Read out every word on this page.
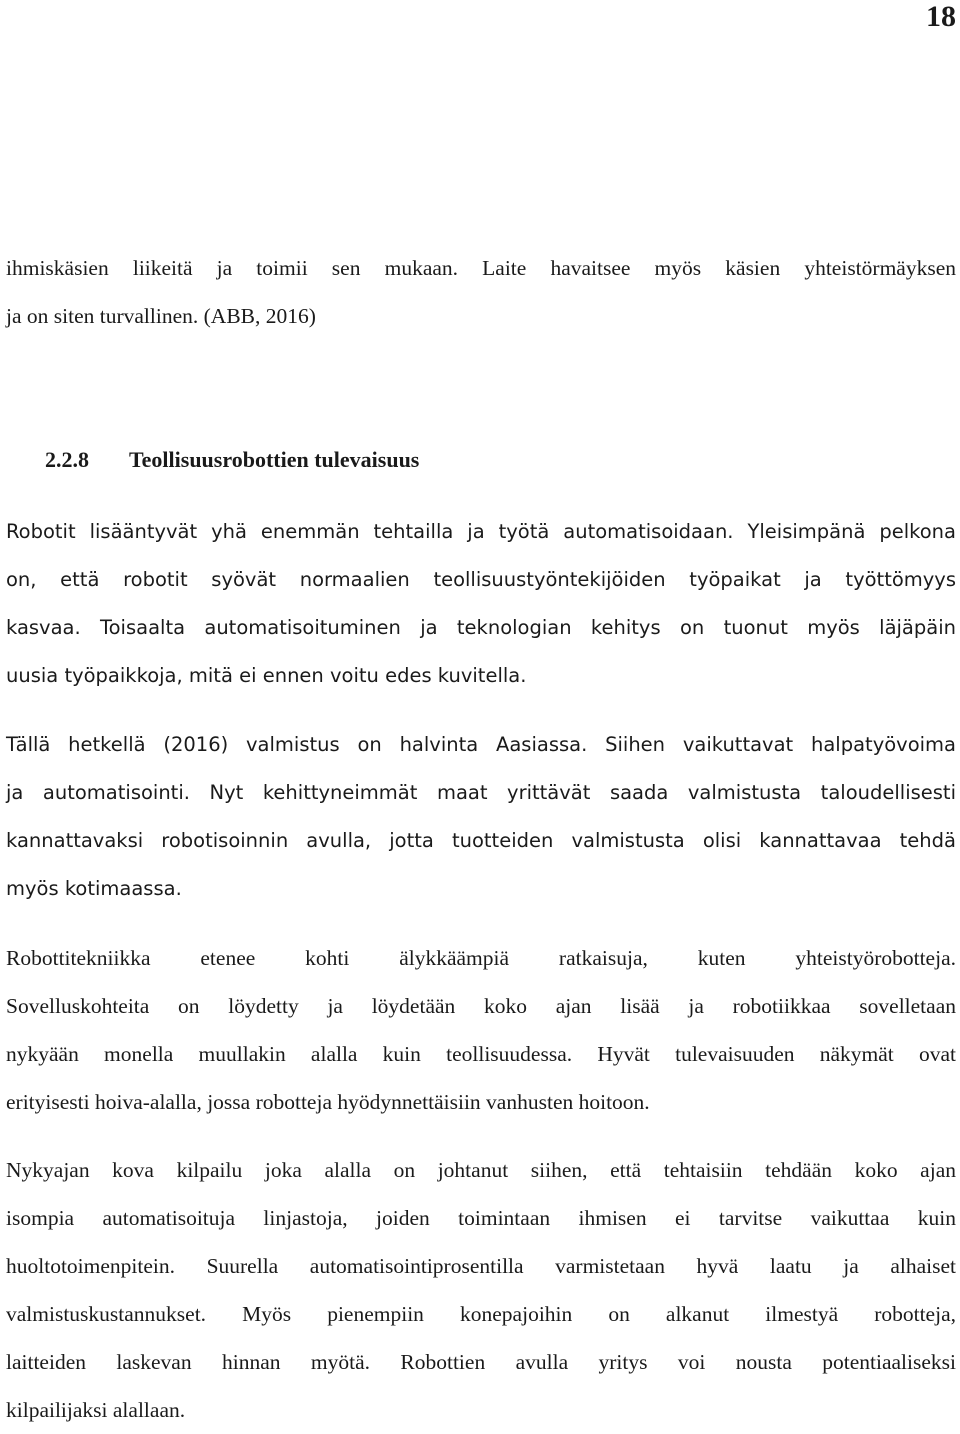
18
ihmiskäsien liikeitä ja toimii sen mukaan. Laite havaitsee myös käsien yhteistörmäyksen
ja on siten turvallinen. (ABB, 2016)
2.2.8 Teollisuusrobottien tulevaisuus
Robotit lisääntyvät yhä enemmän tehtailla ja työtä automatisoidaan. Yleisimpänä pelkona
on, että robotit syövät normaalien teollisuustyöntekijöiden työpaikat ja työttömyys
kasvaa. Toisaalta automatisoituminen ja teknologian kehitys on tuonut myös läjäpäin
uusia työpaikkoja, mitä ei ennen voitu edes kuvitella.
Tällä hetkellä (2016) valmistus on halvinta Aasiassa. Siihen vaikuttavat halpatyövoima
ja automatisointi. Nyt kehittyneimmät maat yrittävät saada valmistusta taloudellisesti
kannattavaksi robotisoinnin avulla, jotta tuotteiden valmistusta olisi kannattavaa tehdä
myös kotimaassa.
Robottitekniikka etenee kohti älykkäämpiä ratkaisuja, kuten yhteistyörobotteja.
Sovelluskohteita on löydetty ja löydetään koko ajan lisää ja robotiikkaa sovelletaan
nykyään monella muullakin alalla kuin teollisuudessa. Hyvät tulevaisuuden näkymät ovat
erityisesti hoiva-alalla, jossa robotteja hyödynnettäisiin vanhusten hoitoon.
Nykyajan kova kilpailu joka alalla on johtanut siihen, että tehtaisiin tehdään koko ajan
isompia automatisoituja linjastoja, joiden toimintaan ihmisen ei tarvitse vaikuttaa kuin
huoltotoimenpitein. Suurella automatisointiprosentilla varmistetaan hyvä laatu ja alhaiset
valmistuskustannukset. Myös pienempiin konepajoihin on alkanut ilmestyä robotteja,
laitteiden laskevan hinnan myötä. Robottien avulla yritys voi nousta potentiaaliseksi
kilpailijaksi alallaan.
